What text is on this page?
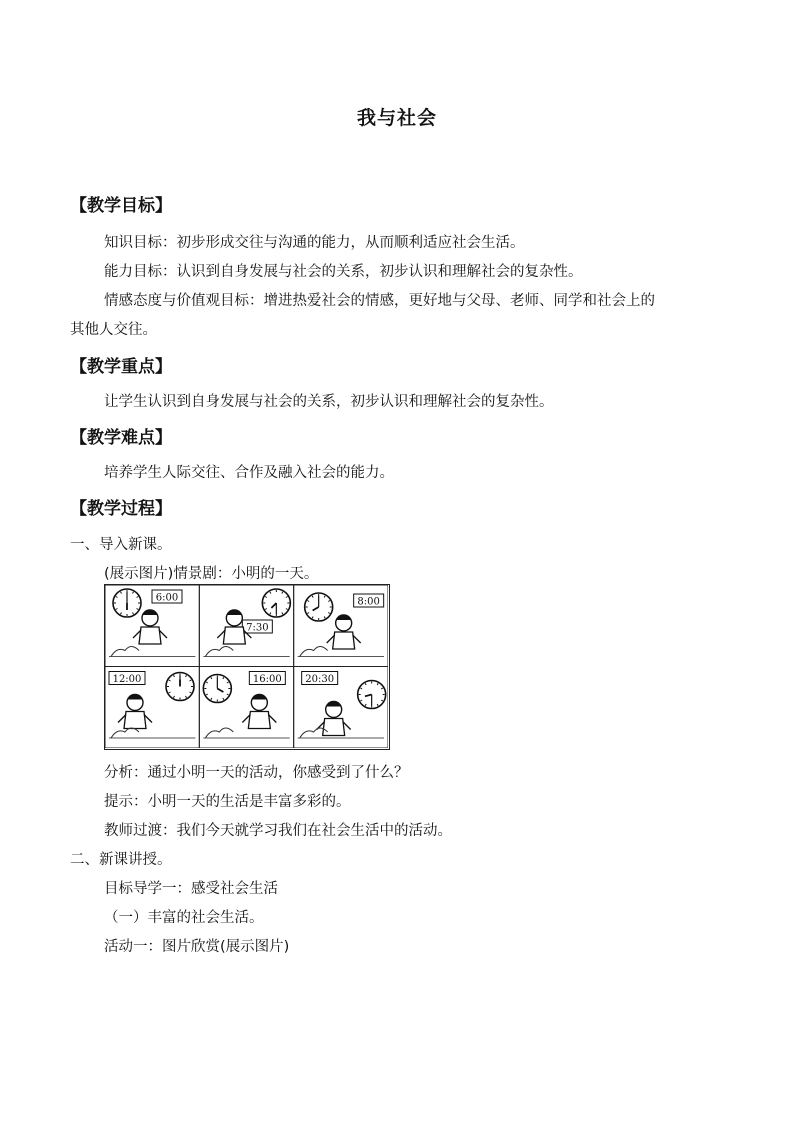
我与社会
【教学目标】
知识目标：初步形成交往与沟通的能力，从而顺利适应社会生活。
能力目标：认识到自身发展与社会的关系，初步认识和理解社会的复杂性。
情感态度与价值观目标：增进热爱社会的情感，更好地与父母、老师、同学和社会上的
其他人交往。
【教学重点】
让学生认识到自身发展与社会的关系，初步认识和理解社会的复杂性。
【教学难点】
培养学生人际交往、合作及融入社会的能力。
【教学过程】
一、导入新课。
(展示图片)情景剧：小明的一天。
6:00
7:30
8:00
12:00	16:00 20:30
分析：通过小明一天的活动，你感受到了什么？
提示：小明一天的生活是丰富多彩的。
教师过渡：我们今天就学习我们在社会生活中的活动。
二、新课讲授。
目标导学一：感受社会生活
（一）丰富的社会生活。
活动一：图片欣赏(展示图片)
